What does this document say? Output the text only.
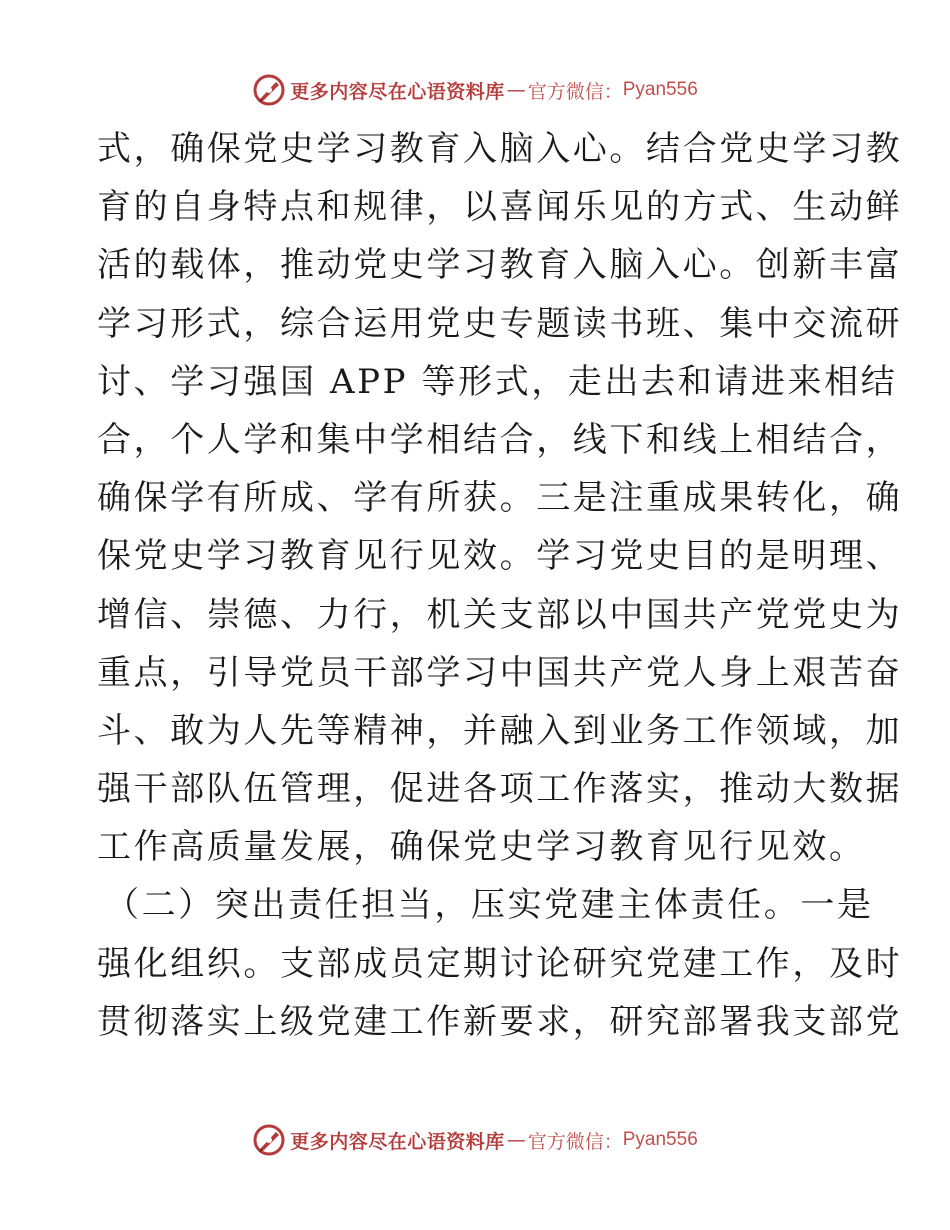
更多内容尽在心语资料库 — 官方微信： Pyan556
式，确保党史学习教育入脑入心。结合党史学习教
育的自身特点和规律，以喜闻乐见的方式、生动鲜
活的载体，推动党史学习教育入脑入心。创新丰富
学习形式，综合运用党史专题读书班、集中交流研
讨、学习强国 APP 等形式，走出去和请进来相结
合，个人学和集中学相结合，线下和线上相结合，
确保学有所成、学有所获。三是注重成果转化，确
保党史学习教育见行见效。学习党史目的是明理、
增信、崇德、力行，机关支部以中国共产党党史为
重点，引导党员干部学习中国共产党人身上艰苦奋
斗、敢为人先等精神，并融入到业务工作领域，加
强干部队伍管理，促进各项工作落实，推动大数据
工作高质量发展，确保党史学习教育见行见效。
（二）突出责任担当，压实党建主体责任。一是
强化组织。支部成员定期讨论研究党建工作，及时
贯彻落实上级党建工作新要求，研究部署我支部党
更多内容尽在心语资料库 — 官方微信： Pyan556
